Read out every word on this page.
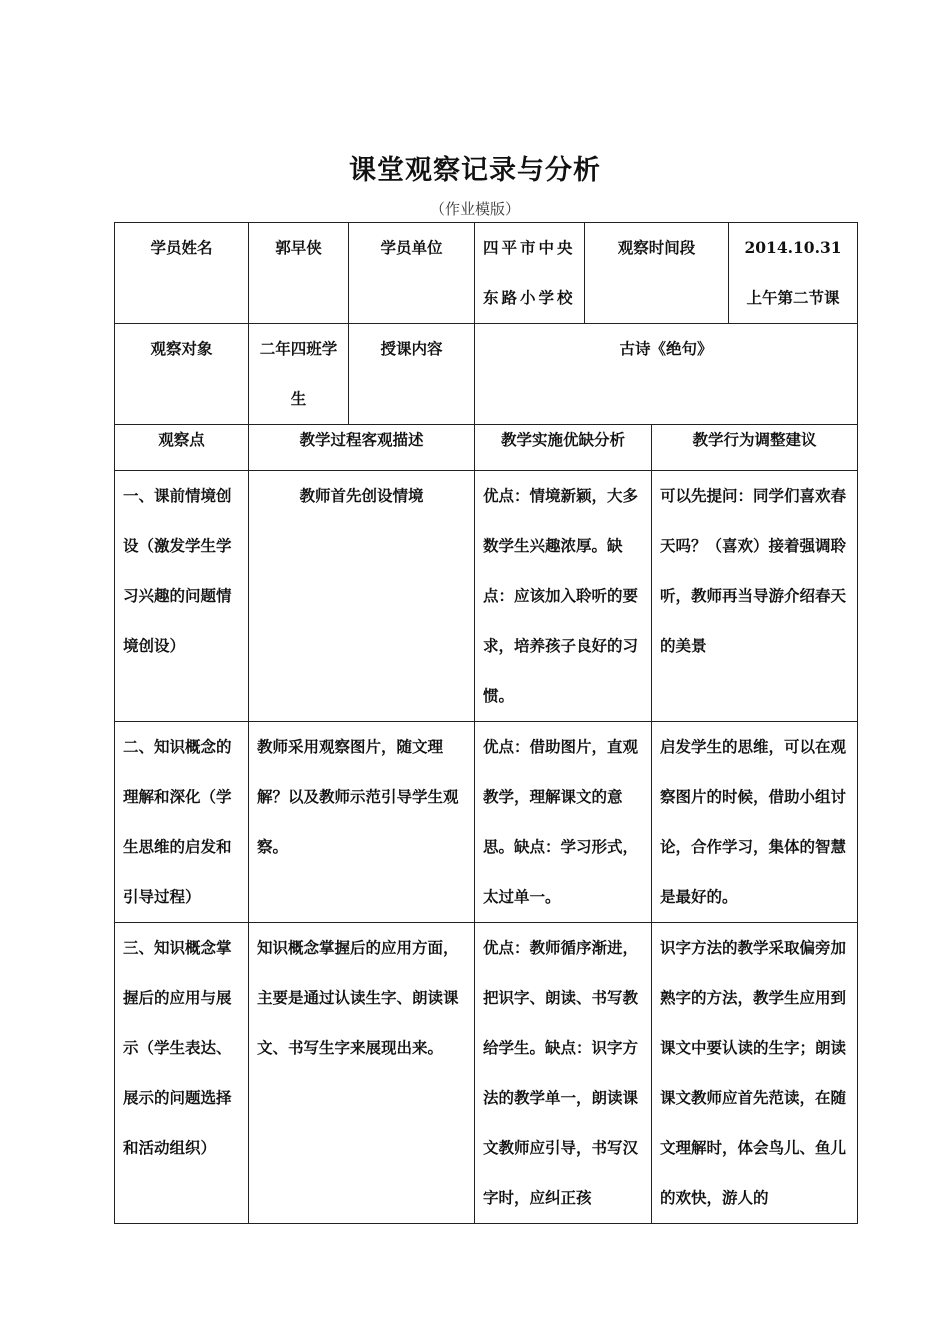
课堂观察记录与分析
（作业模版）
学员姓名	郭早侠	学员单位	四平市中央东路小学校	观察时间段		2014.10.31上午第二节课
观察对象	二年四班学生	授课内容	古诗《绝句》			
观察点	教学过程客观描述		教学实施优缺分析		教学行为调整建议	
一、课前情境创设（激发学生学习兴趣的问题情境创设）	教师首先创设情境		优点：情境新颖，大多数学生兴趣浓厚。缺点：应该加入聆听的要求，培养孩子良好的习惯。		可以先提问：同学们喜欢春天吗？（喜欢）接着强调聆听，教师再当导游介绍春天的美景	
二、知识概念的理解和深化（学生思维的启发和引导过程）	教师采用观察图片，随文理解？以及教师示范引导学生观察。		优点：借助图片，直观教学，理解课文的意思。缺点：学习形式，太过单一。		启发学生的思维，可以在观察图片的时候，借助小组讨论，合作学习，集体的智慧是最好的。	
三、知识概念掌握后的应用与展示（学生表达、展示的问题选择和活动组织）	知识概念掌握后的应用方面，主要是通过认读生字、朗读课文、书写生字来展现出来。		优点：教师循序渐进，把识字、朗读、书写教给学生。缺点：识字方法的教学单一，朗读课文教师应引导，书写汉字时，应纠正孩		识字方法的教学采取偏旁加熟字的方法，教学生应用到课文中要认读的生字；朗读课文教师应首先范读，在随文理解时，体会鸟儿、鱼儿的欢快，游人的	
